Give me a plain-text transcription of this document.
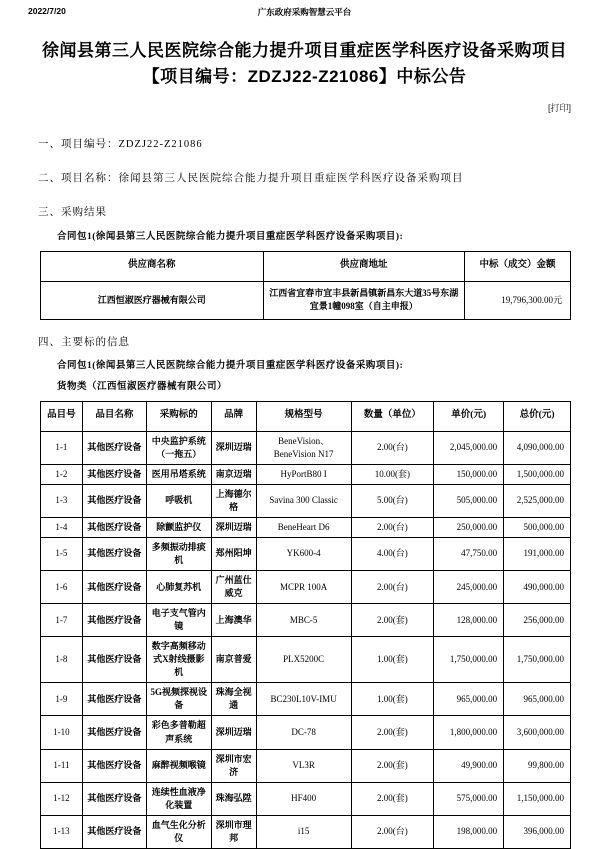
2022/7/20	广东政府采购智慧云平台
徐闻县第三人民医院综合能力提升项目重症医学科医疗设备采购项目【项目编号：ZDZJ22-Z21086】中标公告
[打印]
一、项目编号：ZDZJ22-Z21086
二、项目名称：徐闻县第三人民医院综合能力提升项目重症医学科医疗设备采购项目
三、采购结果
合同包1(徐闻县第三人民医院综合能力提升项目重症医学科医疗设备采购项目):
供应商名称	供应商地址	中标（成交）金额
江西恒淑医疗器械有限公司	江西省宜春市宜丰县新昌镇新昌东大道35号东湖宜景1幢098室（自主申报）	19,796,300.00元
四、主要标的信息
合同包1(徐闻县第三人民医院综合能力提升项目重症医学科医疗设备采购项目):
货物类（江西恒淑医疗器械有限公司）
品目号	品目名称	采购标的	品牌	规格型号	数量（单位）	单价(元)	总价(元)
1-1	其他医疗设备	中央监护系统（一拖五）	深圳迈瑞	BeneVision、BeneVision N17	2.00(台)	2,045,000.00	4,090,000.00
1-2	其他医疗设备	医用吊塔系统	南京迈瑞	HyPortB80 I	10.00(套)	150,000.00	1,500,000.00
1-3	其他医疗设备	呼吸机	上海德尔格	Savina 300 Classic	5.00(台)	505,000.00	2,525,000.00
1-4	其他医疗设备	除颤监护仪	深圳迈瑞	BeneHeart D6	2.00(台)	250,000.00	500,000.00
1-5	其他医疗设备	多频振动排痰机	郑州阳坤	YK600-4	4.00(台)	47,750.00	191,000.00
1-6	其他医疗设备	心肺复苏机	广州蓝仕威克	MCPR 100A	2.00(台)	245,000.00	490,000.00
1-7	其他医疗设备	电子支气管内镜	上海澳华	MBC-5	2.00(套)	128,000.00	256,000.00
1-8	其他医疗设备	数字高频移动式X射线摄影机	南京普爱	PLX5200C	1.00(套)	1,750,000.00	1,750,000.00
1-9	其他医疗设备	5G视频探视设备	珠海全视通	BC230L10V-IMU	1.00(套)	965,000.00	965,000.00
1-10	其他医疗设备	彩色多普勒超声系统	深圳迈瑞	DC-78	2.00(套)	1,800,000.00	3,600,000.00
1-11	其他医疗设备	麻醉视频喉镜	深圳市宏济	VL3R	2.00(套)	49,900.00	99,800.00
1-12	其他医疗设备	连续性血液净化装置	珠海弘陞	HF400	2.00(套)	575,000.00	1,150,000.00
1-13	其他医疗设备	血气生化分析仪	深圳市理邦	i15	2.00(台)	198,000.00	396,000.00
